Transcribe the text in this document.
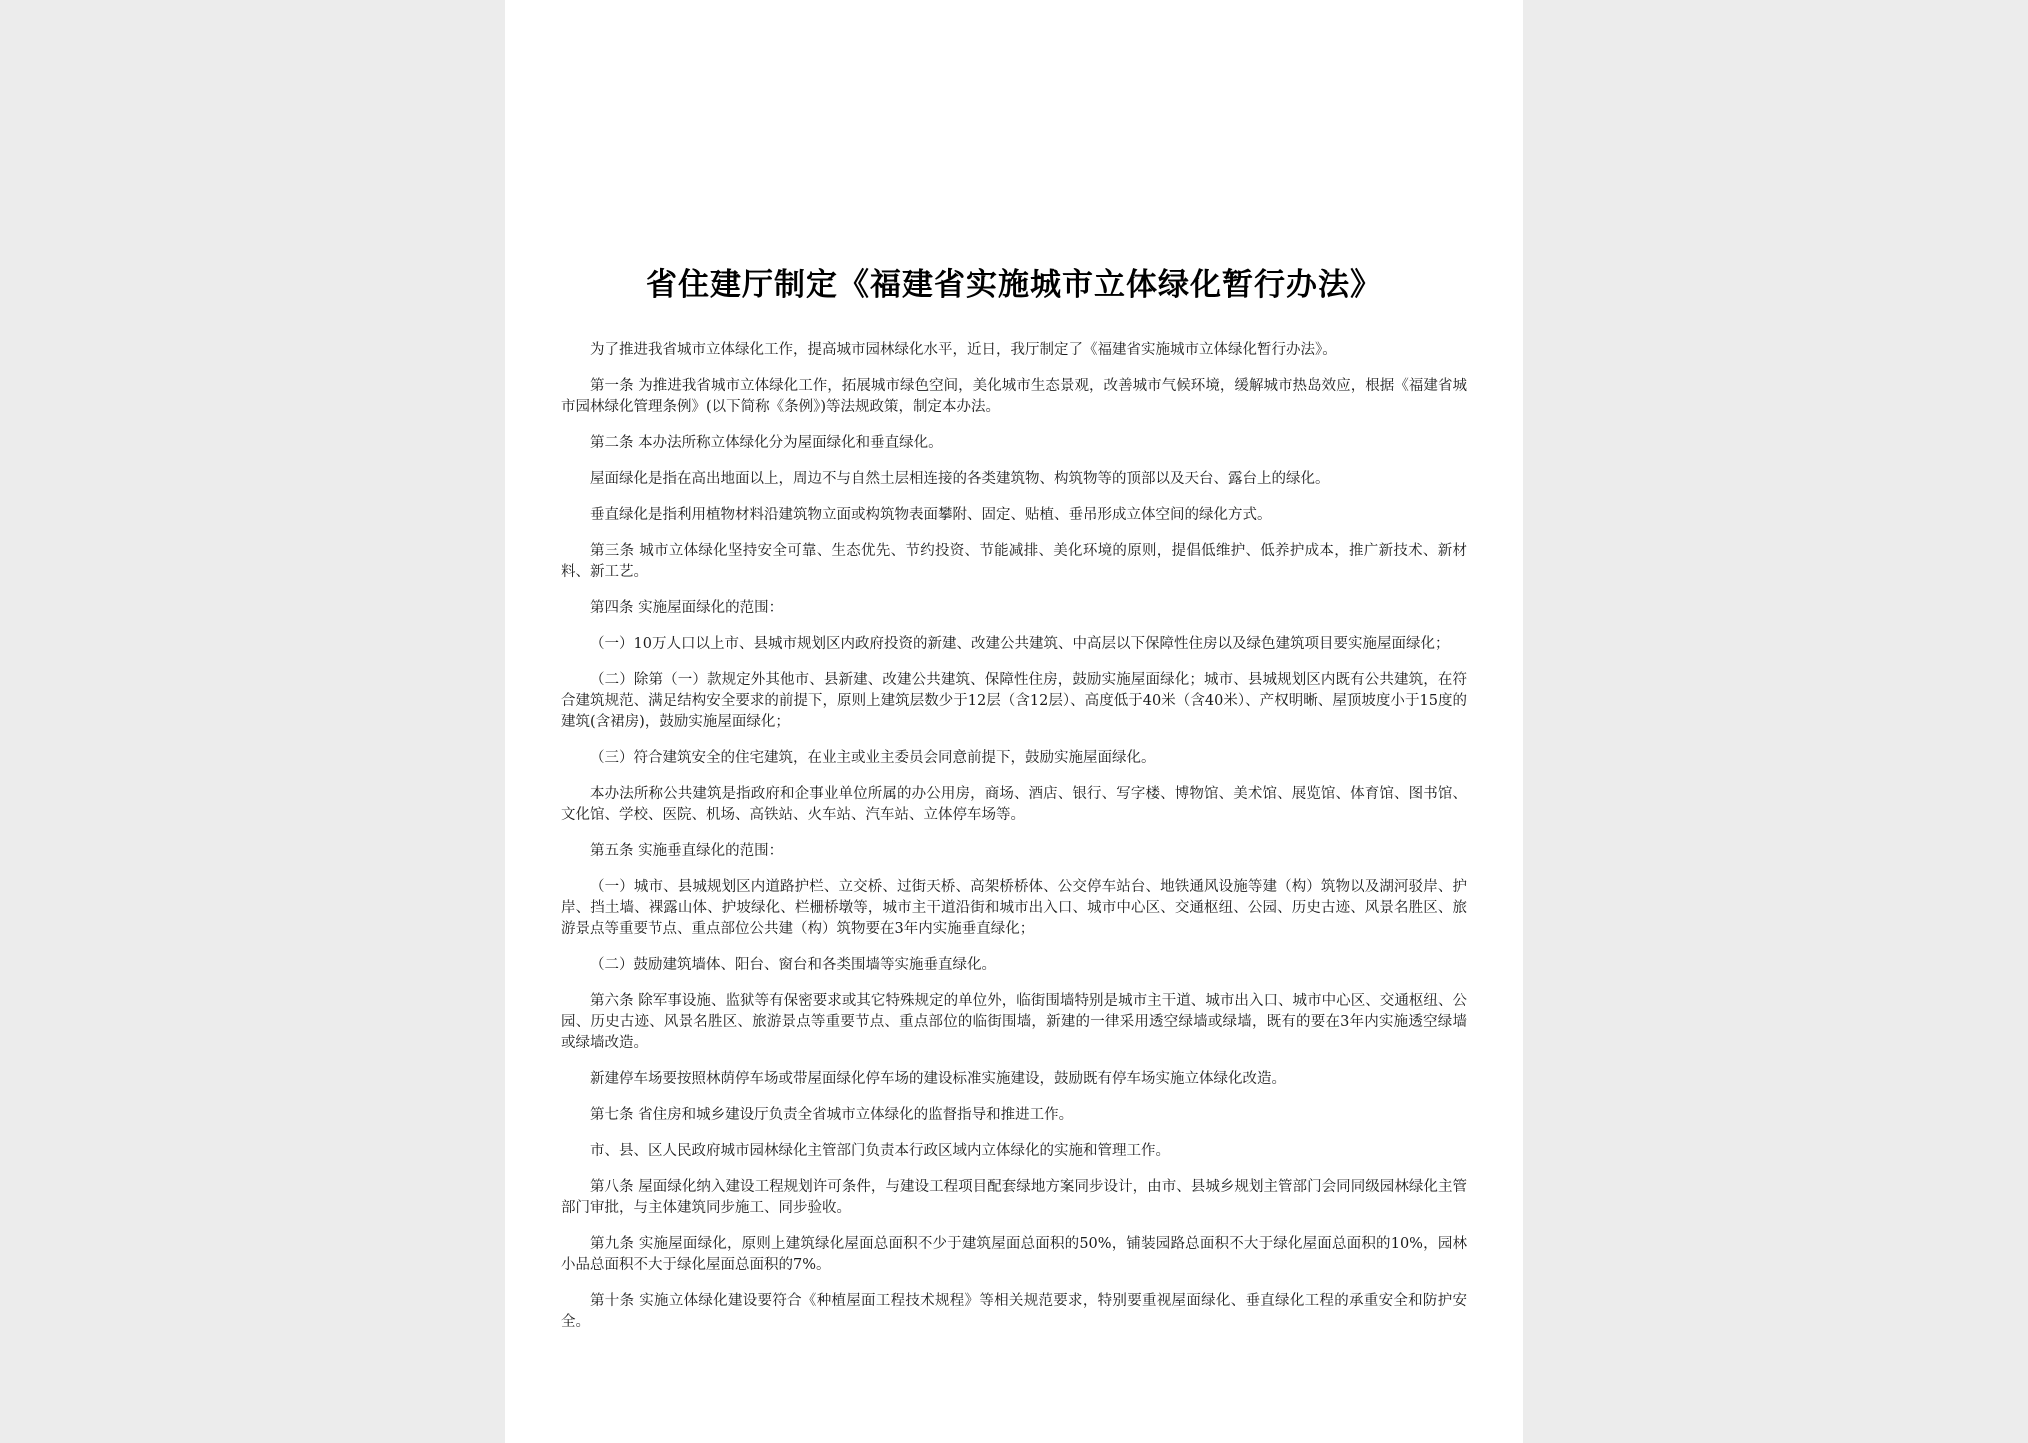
省住建厅制定《福建省实施城市立体绿化暂行办法》

为了推进我省城市立体绿化工作，提高城市园林绿化水平，近日，我厅制定了《福建省实施城市立体绿化暂行办法》。

第一条 为推进我省城市立体绿化工作，拓展城市绿色空间，美化城市生态景观，改善城市气候环境，缓解城市热岛效应，根据《福建省城市园林绿化管理条例》(以下简称《条例》)等法规政策，制定本办法。

第二条 本办法所称立体绿化分为屋面绿化和垂直绿化。

屋面绿化是指在高出地面以上，周边不与自然土层相连接的各类建筑物、构筑物等的顶部以及天台、露台上的绿化。

垂直绿化是指利用植物材料沿建筑物立面或构筑物表面攀附、固定、贴植、垂吊形成立体空间的绿化方式。

第三条 城市立体绿化坚持安全可靠、生态优先、节约投资、节能减排、美化环境的原则，提倡低维护、低养护成本，推广新技术、新材料、新工艺。

第四条 实施屋面绿化的范围：

（一）10万人口以上市、县城市规划区内政府投资的新建、改建公共建筑、中高层以下保障性住房以及绿色建筑项目要实施屋面绿化；

（二）除第（一）款规定外其他市、县新建、改建公共建筑、保障性住房，鼓励实施屋面绿化；城市、县城规划区内既有公共建筑，在符合建筑规范、满足结构安全要求的前提下，原则上建筑层数少于12层（含12层）、高度低于40米（含40米）、产权明晰、屋顶坡度小于15度的建筑(含裙房)，鼓励实施屋面绿化；

（三）符合建筑安全的住宅建筑，在业主或业主委员会同意前提下，鼓励实施屋面绿化。

本办法所称公共建筑是指政府和企事业单位所属的办公用房，商场、酒店、银行、写字楼、博物馆、美术馆、展览馆、体育馆、图书馆、文化馆、学校、医院、机场、高铁站、火车站、汽车站、立体停车场等。

第五条 实施垂直绿化的范围：

（一）城市、县城规划区内道路护栏、立交桥、过街天桥、高架桥桥体、公交停车站台、地铁通风设施等建（构）筑物以及湖河驳岸、护岸、挡土墙、裸露山体、护坡绿化、栏栅桥墩等，城市主干道沿街和城市出入口、城市中心区、交通枢纽、公园、历史古迹、风景名胜区、旅游景点等重要节点、重点部位公共建（构）筑物要在3年内实施垂直绿化；

（二）鼓励建筑墙体、阳台、窗台和各类围墙等实施垂直绿化。

第六条 除军事设施、监狱等有保密要求或其它特殊规定的单位外，临街围墙特别是城市主干道、城市出入口、城市中心区、交通枢纽、公园、历史古迹、风景名胜区、旅游景点等重要节点、重点部位的临街围墙，新建的一律采用透空绿墙或绿墙，既有的要在3年内实施透空绿墙或绿墙改造。

新建停车场要按照林荫停车场或带屋面绿化停车场的建设标准实施建设，鼓励既有停车场实施立体绿化改造。

第七条 省住房和城乡建设厅负责全省城市立体绿化的监督指导和推进工作。

市、县、区人民政府城市园林绿化主管部门负责本行政区域内立体绿化的实施和管理工作。

第八条 屋面绿化纳入建设工程规划许可条件，与建设工程项目配套绿地方案同步设计，由市、县城乡规划主管部门会同同级园林绿化主管部门审批，与主体建筑同步施工、同步验收。

第九条 实施屋面绿化，原则上建筑绿化屋面总面积不少于建筑屋面总面积的50%，铺装园路总面积不大于绿化屋面总面积的10%，园林小品总面积不大于绿化屋面总面积的7%。

第十条 实施立体绿化建设要符合《种植屋面工程技术规程》等相关规范要求，特别要重视屋面绿化、垂直绿化工程的承重安全和防护安全。
